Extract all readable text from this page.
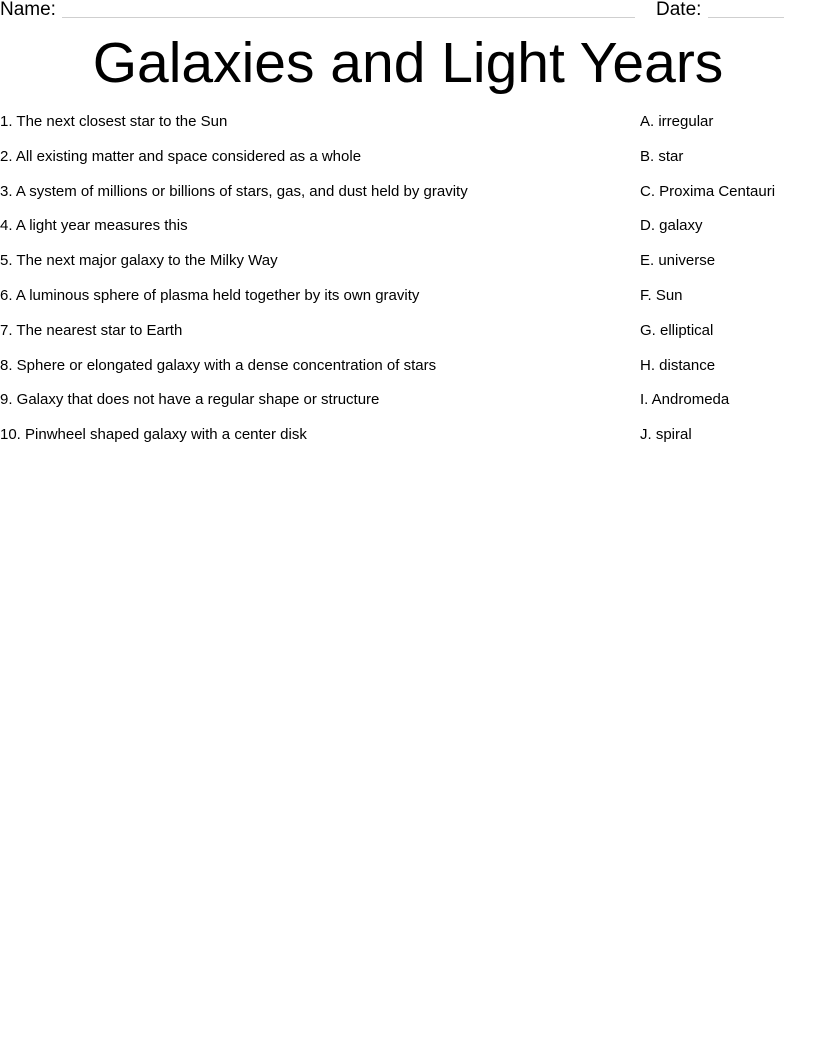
Name:	Date:
Galaxies and Light Years
1. The next closest star to the Sun
2. All existing matter and space considered as a whole
3. A system of millions or billions of stars, gas, and dust held by gravity
4. A light year measures this
5. The next major galaxy to the Milky Way
6. A luminous sphere of plasma held together by its own gravity
7. The nearest star to Earth
8. Sphere or elongated galaxy with a dense concentration of stars
9. Galaxy that does not have a regular shape or structure
10. Pinwheel shaped galaxy with a center disk
A. irregular
B. star
C. Proxima Centauri
D. galaxy
E. universe
F. Sun
G. elliptical
H. distance
I. Andromeda
J. spiral
